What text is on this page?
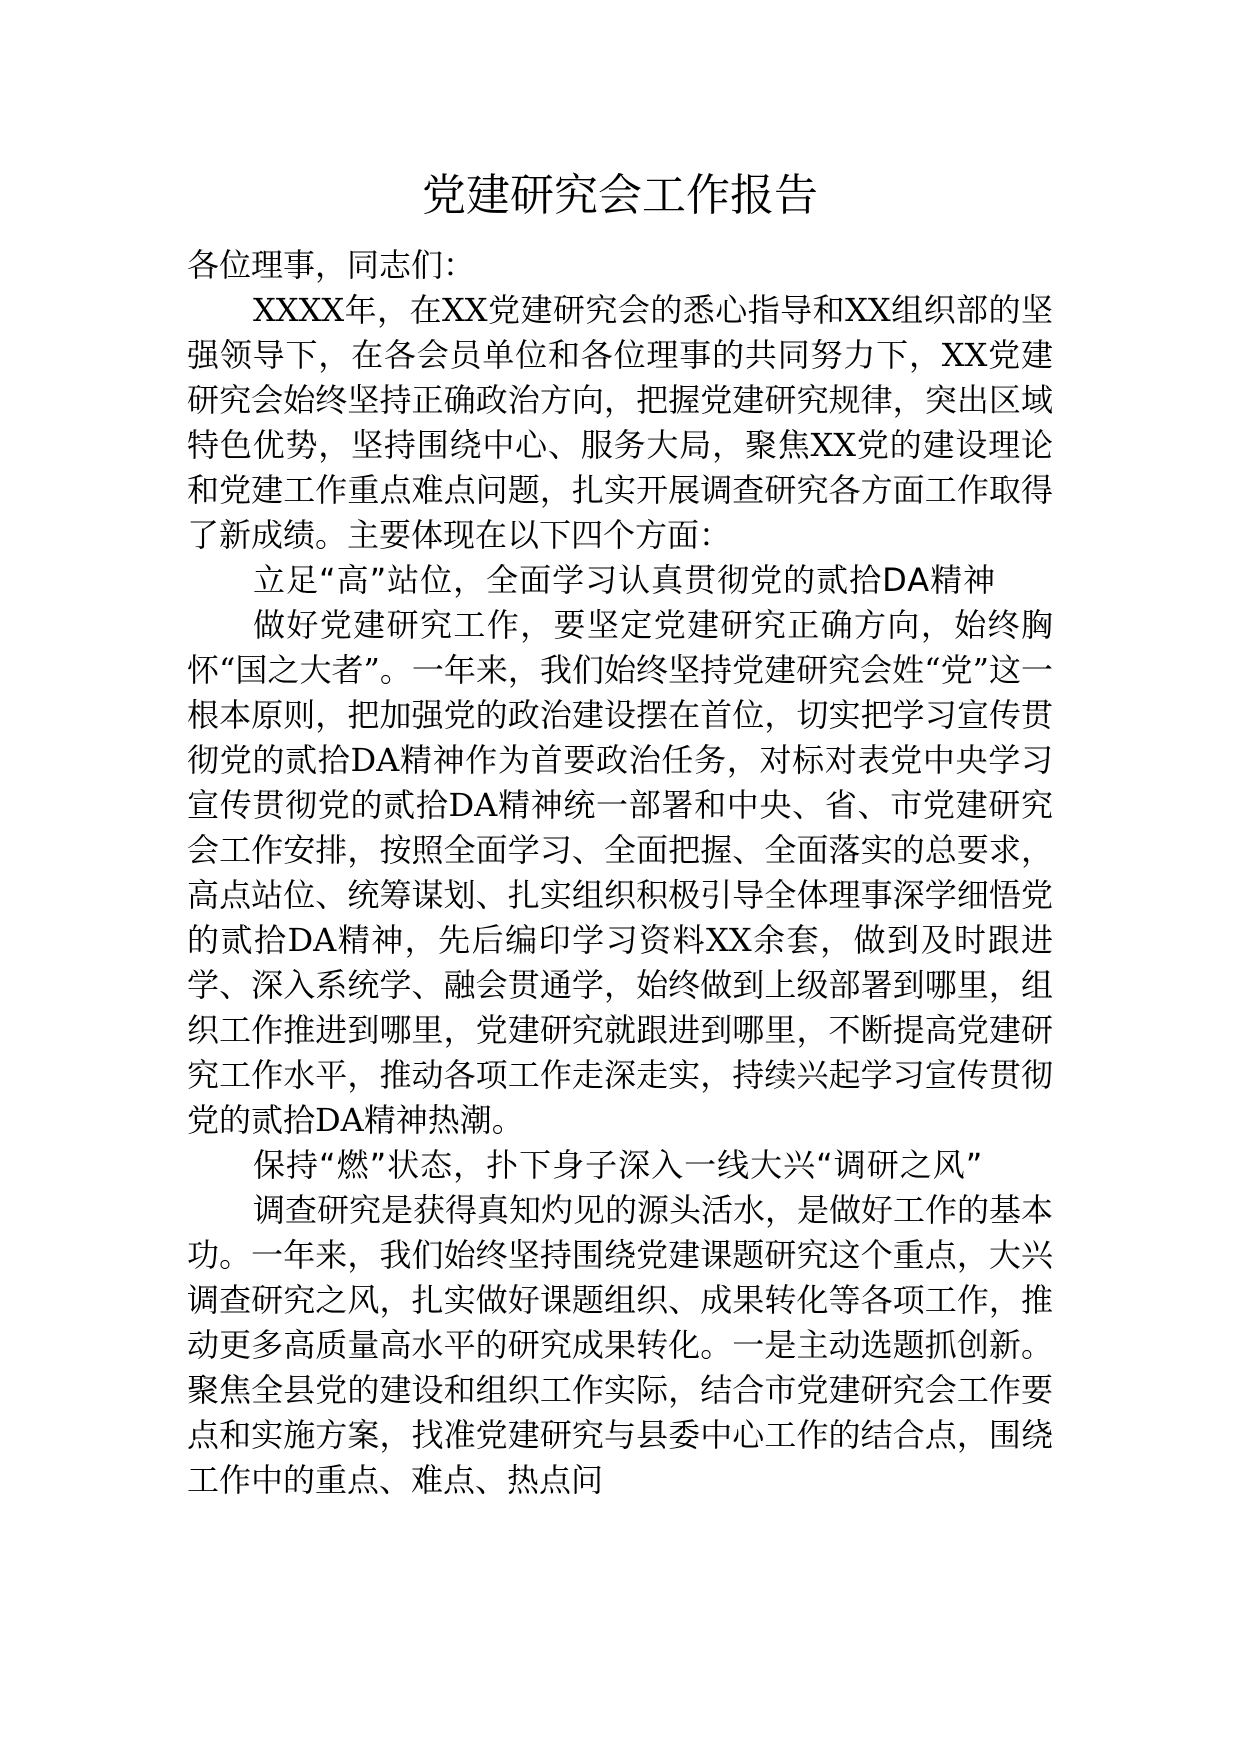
党建研究会工作报告

各位理事，同志们：

XXXX年，在XX党建研究会的悉心指导和XX组织部的坚强领导下，在各会员单位和各位理事的共同努力下，XX党建研究会始终坚持正确政治方向，把握党建研究规律，突出区域特色优势，坚持围绕中心、服务大局，聚焦XX党的建设理论和党建工作重点难点问题，扎实开展调查研究各方面工作取得了新成绩。主要体现在以下四个方面：

立足“高”站位，全面学习认真贯彻党的贰拾DA精神

做好党建研究工作，要坚定党建研究正确方向，始终胸怀“国之大者”。一年来，我们始终坚持党建研究会姓“党”这一根本原则，把加强党的政治建设摆在首位，切实把学习宣传贯彻党的贰拾DA精神作为首要政治任务，对标对表党中央学习宣传贯彻党的贰拾DA精神统一部署和中央、省、市党建研究会工作安排，按照全面学习、全面把握、全面落实的总要求，高点站位、统筹谋划、扎实组织积极引导全体理事深学细悟党的贰拾DA精神，先后编印学习资料XX余套，做到及时跟进学、深入系统学、融会贯通学，始终做到上级部署到哪里，组织工作推进到哪里，党建研究就跟进到哪里，不断提高党建研究工作水平，推动各项工作走深走实，持续兴起学习宣传贯彻党的贰拾DA精神热潮。

保持“燃”状态，扑下身子深入一线大兴“调研之风”

调查研究是获得真知灼见的源头活水，是做好工作的基本功。一年来，我们始终坚持围绕党建课题研究这个重点，大兴调查研究之风，扎实做好课题组织、成果转化等各项工作，推动更多高质量高水平的研究成果转化。一是主动选题抓创新。聚焦全县党的建设和组织工作实际，结合市党建研究会工作要点和实施方案，找准党建研究与县委中心工作的结合点，围绕工作中的重点、难点、热点问
